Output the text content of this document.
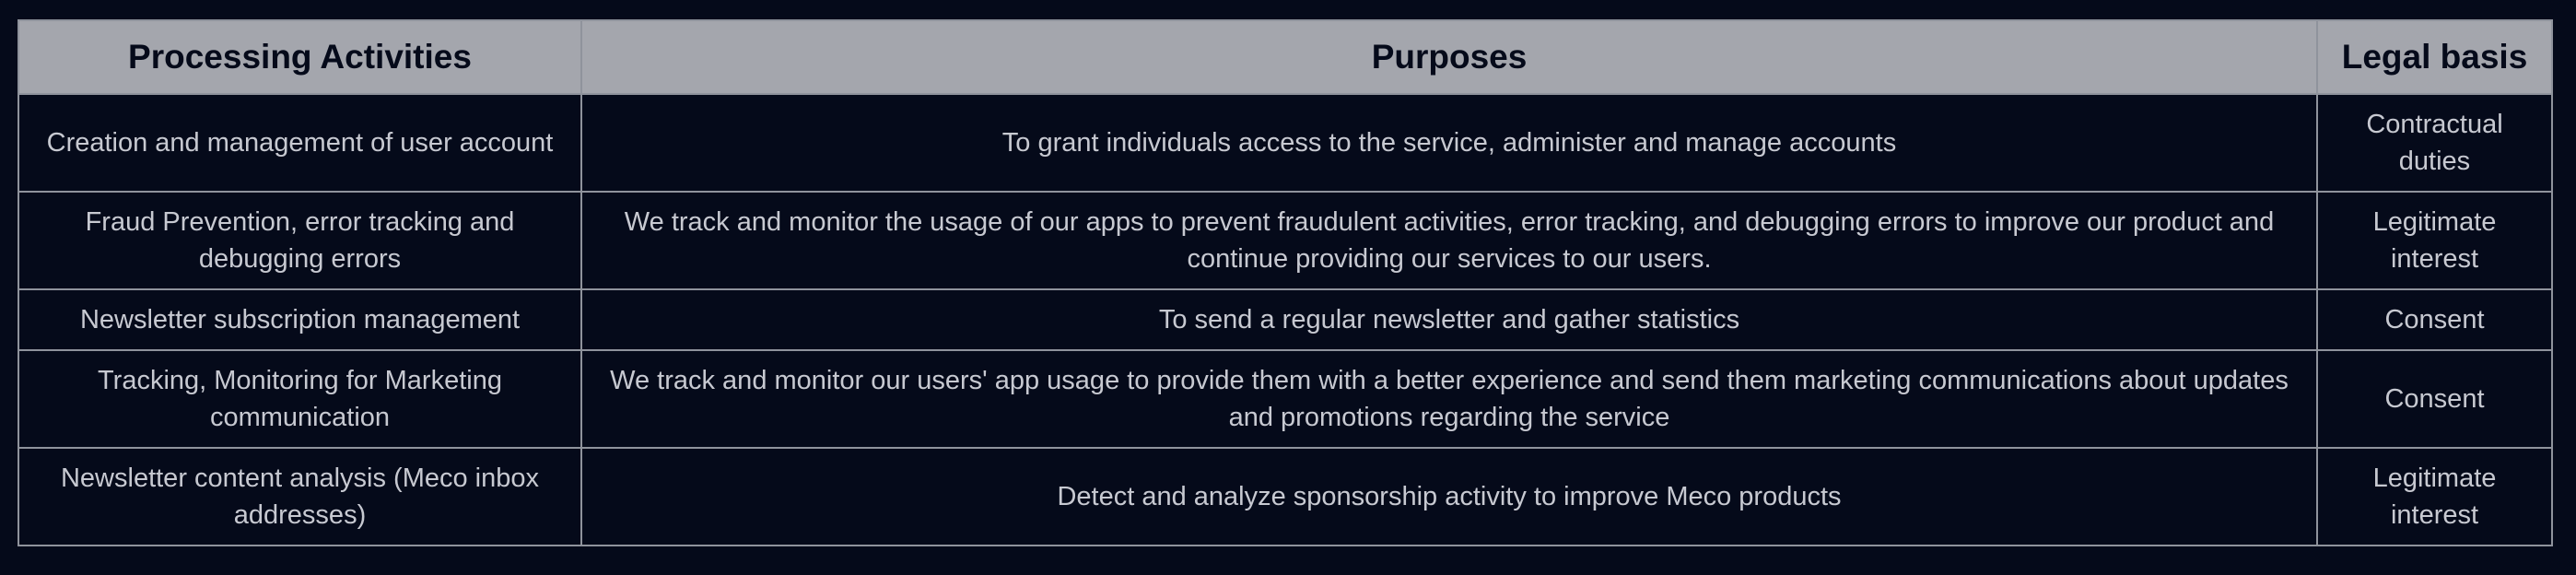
Processing Activities	Purposes	Legal basis
Creation and management of user account	To grant individuals access to the service, administer and manage accounts	Contractual duties
Fraud Prevention, error tracking and debugging errors	We track and monitor the usage of our apps to prevent fraudulent activities, error tracking, and debugging errors to improve our product and continue providing our services to our users.	Legitimate interest
Newsletter subscription management	To send a regular newsletter and gather statistics	Consent
Tracking, Monitoring for Marketing communication	We track and monitor our users' app usage to provide them with a better experience and send them marketing communications about updates and promotions regarding the service	Consent
Newsletter content analysis (Meco inbox addresses)	Detect and analyze sponsorship activity to improve Meco products	Legitimate interest
